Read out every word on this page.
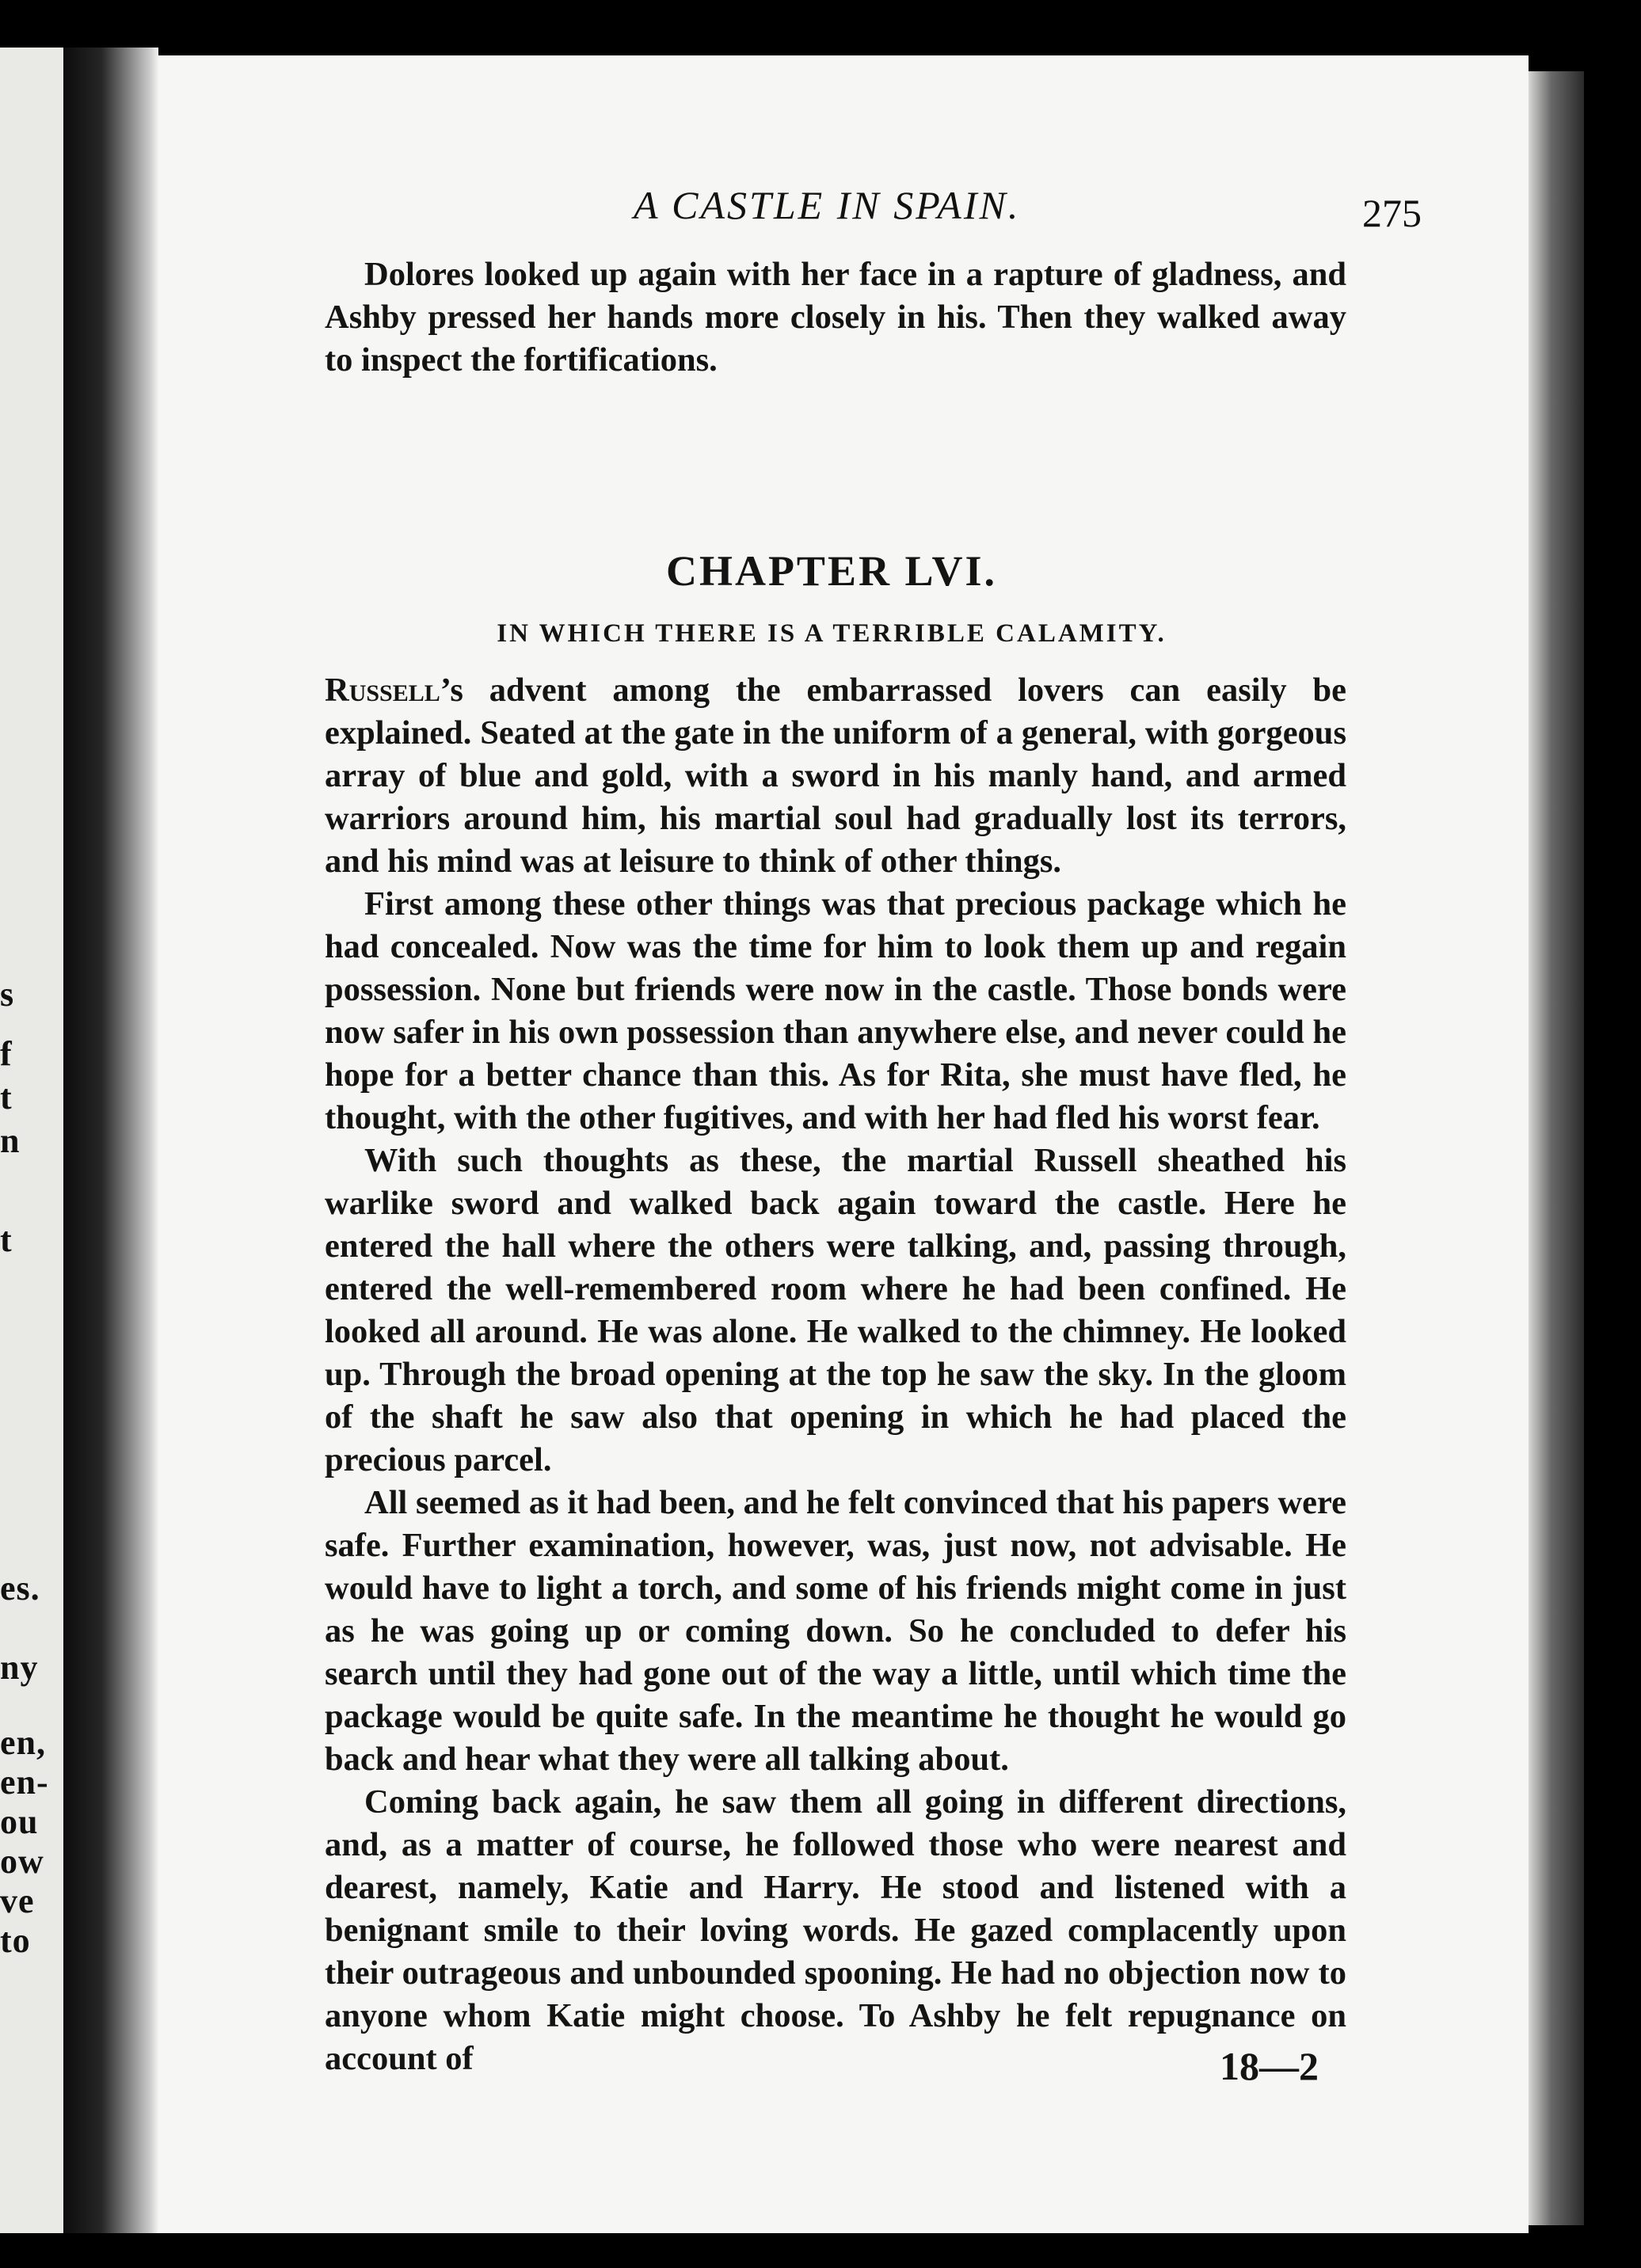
s
f
t
n
t
es.
ny
en,
en-
ou
ow
ve
to
A CASTLE IN SPAIN.	275

Dolores looked up again with her face in a rapture of gladness, and Ashby pressed her hands more closely in his. Then they walked away to inspect the fortifications.

CHAPTER LVI.
IN WHICH THERE IS A TERRIBLE CALAMITY.

Russell’s advent among the embarrassed lovers can easily be explained. Seated at the gate in the uniform of a general, with gorgeous array of blue and gold, with a sword in his manly hand, and armed warriors around him, his martial soul had gradually lost its terrors, and his mind was at leisure to think of other things.

First among these other things was that precious package which he had concealed. Now was the time for him to look them up and regain possession. None but friends were now in the castle. Those bonds were now safer in his own possession than anywhere else, and never could he hope for a better chance than this. As for Rita, she must have fled, he thought, with the other fugitives, and with her had fled his worst fear.

With such thoughts as these, the martial Russell sheathed his warlike sword and walked back again toward the castle. Here he entered the hall where the others were talking, and, passing through, entered the well-remembered room where he had been confined. He looked all around. He was alone. He walked to the chimney. He looked up. Through the broad opening at the top he saw the sky. In the gloom of the shaft he saw also that opening in which he had placed the precious parcel.

All seemed as it had been, and he felt convinced that his papers were safe. Further examination, however, was, just now, not advisable. He would have to light a torch, and some of his friends might come in just as he was going up or coming down. So he concluded to defer his search until they had gone out of the way a little, until which time the package would be quite safe. In the meantime he thought he would go back and hear what they were all talking about.

Coming back again, he saw them all going in different directions, and, as a matter of course, he followed those who were nearest and dearest, namely, Katie and Harry. He stood and listened with a benignant smile to their loving words. He gazed complacently upon their outrageous and unbounded spooning. He had no objection now to anyone whom Katie might choose. To Ashby he felt repugnance on account of	18—2
